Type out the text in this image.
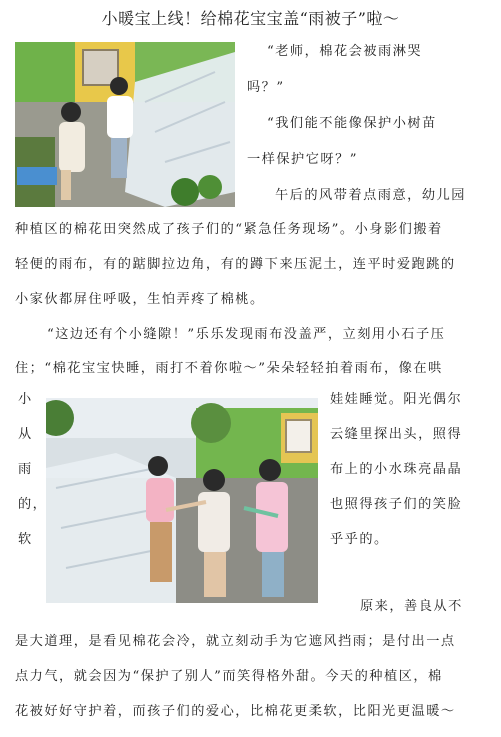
小暖宝上线！给棉花宝宝盖“雨被子”啦～
“老师，棉花会被雨淋哭
吗？”
“我们能不能像保护小树苗
一样保护它呀？”
午后的风带着点雨意，幼儿园
种植区的棉花田突然成了孩子们的“紧急任务现场”。小身影们搬着
轻便的雨布，有的踮脚拉边角，有的蹲下来压泥土，连平时爱跑跳的
小家伙都屏住呼吸，生怕弄疼了棉桃。
“这边还有个小缝隙！”乐乐发现雨布没盖严，立刻用小石子压
住；“棉花宝宝快睡，雨打不着你啦～”朵朵轻轻拍着雨布，像在哄
小
从
雨
的，
软
娃娃睡觉。阳光偶尔
云缝里探出头，照得
布上的小水珠亮晶晶
也照得孩子们的笑脸
乎乎的。
原来，善良从不
是大道理，是看见棉花会冷，就立刻动手为它遮风挡雨；是付出一点
点力气，就会因为“保护了别人”而笑得格外甜。今天的种植区，棉
花被好好守护着，而孩子们的爱心，比棉花更柔软，比阳光更温暖～
